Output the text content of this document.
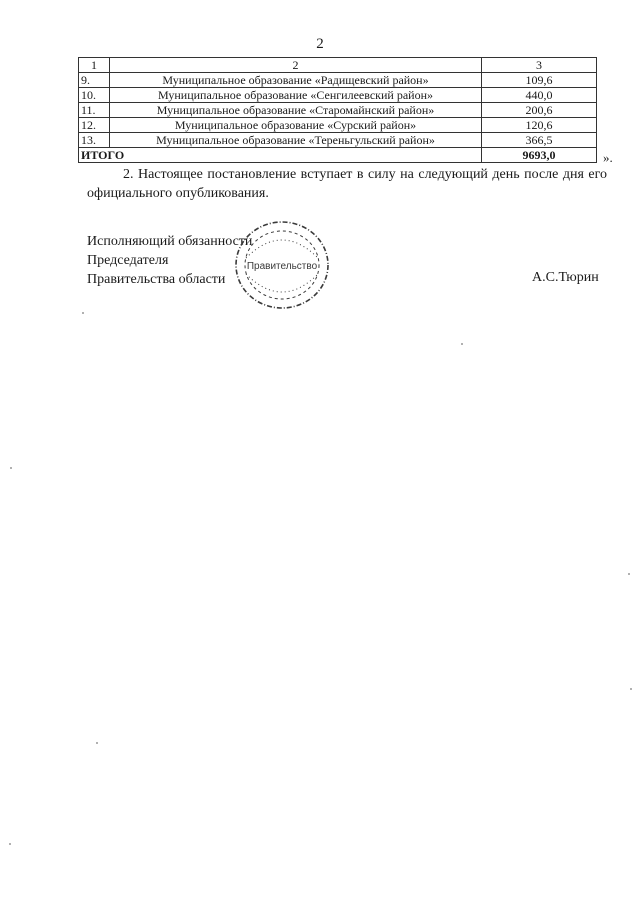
2
1	2	3
9.	Муниципальное образование «Радищевский район»	109,6
10.	Муниципальное образование «Сенгилеевский район»	440,0
11.	Муниципальное образование «Старомайнский район»	200,6
12.	Муниципальное образование «Сурский район»	120,6
13.	Муниципальное образование «Тереньгульский район»	366,5
ИТОГО		9693,0	».
2. Настоящее постановление вступает в силу на следующий день после дня его официального опубликования.
Исполняющий обязанности
Председателя
Правительства области	А.С.Тюрин
Правительство
